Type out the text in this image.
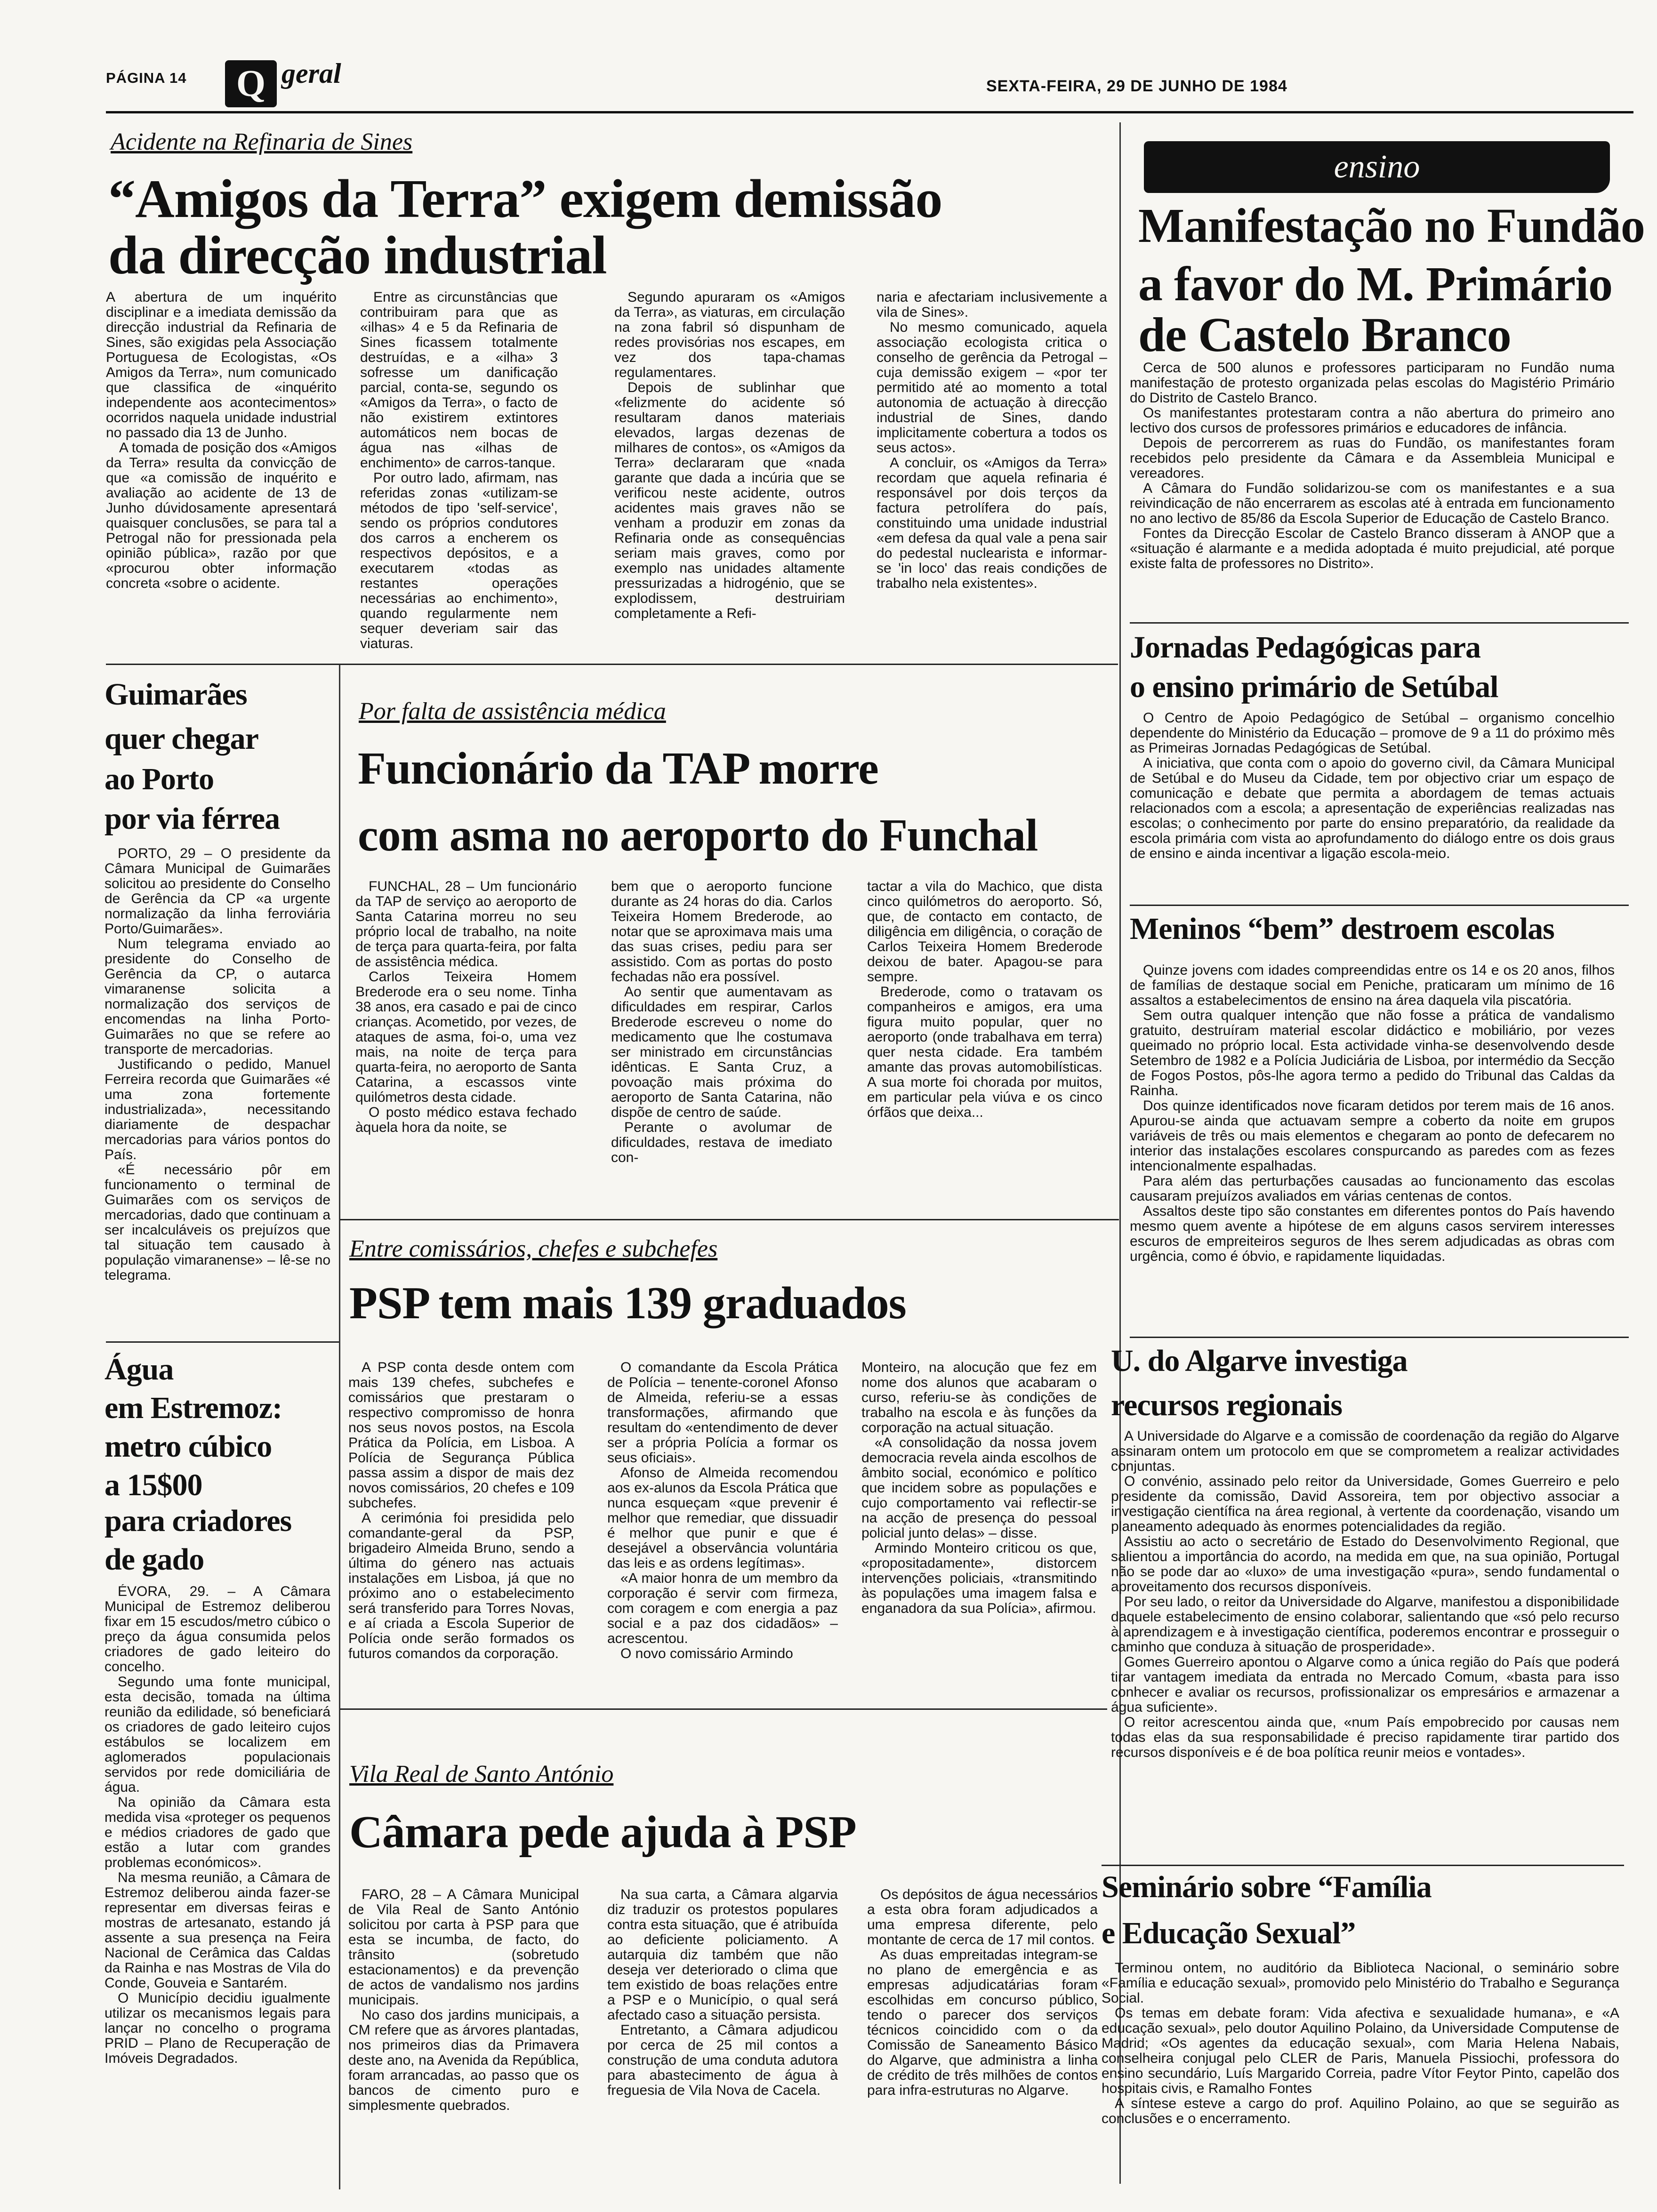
PÁGINA 14 Q geral	SEXTA-FEIRA, 29 DE JUNHO DE 1984
Acidente na Refinaria de Sines
“Amigos da Terra” exigem demissão
da direcção industrial

A abertura de um inquérito disciplinar e a imediata demissão da direcção industrial da Refinaria de Sines, são exigidas pela Associação Portuguesa de Ecologistas, «Os Amigos da Terra», num comunicado que classifica de «inquérito independente aos acontecimentos» ocorridos naquela unidade industrial no passado dia 13 de Junho.

A tomada de posição dos «Amigos da Terra» resulta da convicção de que «a comissão de inquérito e avaliação ao acidente de 13 de Junho dúvidosamente apresentará quaisquer conclusões, se para tal a Petrogal não for pressionada pela opinião pública», razão por que «procurou obter informação concreta «sobre o acidente.

Entre as circunstâncias que contribuiram para que as «ilhas» 4 e 5 da Refinaria de Sines ficassem totalmente destruídas, e a «ilha» 3 sofresse um danificação parcial, conta-se, segundo os «Amigos da Terra», o facto de não existirem extintores automáticos nem bocas de água nas «ilhas de enchimento» de carros-tanque.

Por outro lado, afirmam, nas referidas zonas «utilizam-se métodos de tipo 'self-service', sendo os próprios condutores dos carros a encherem os respectivos depósitos, e a executarem «todas as restantes operações necessárias ao enchimento», quando regularmente nem sequer deveriam sair das viaturas.

Segundo apuraram os «Amigos da Terra», as viaturas, em circulação na zona fabril só dispunham de redes provisórias nos escapes, em vez dos tapa-chamas regulamentares.

Depois de sublinhar que «felizmente do acidente só resultaram danos materiais elevados, largas dezenas de milhares de contos», os «Amigos da Terra» declararam que «nada garante que dada a incúria que se verificou neste acidente, outros acidentes mais graves não se venham a produzir em zonas da Refinaria onde as consequências seriam mais graves, como por exemplo nas unidades altamente pressurizadas a hidrogénio, que se explodissem, destruiriam completamente a Refi-

naria e afectariam inclusivemente a vila de Sines».

No mesmo comunicado, aquela associação ecologista critica o conselho de gerência da Petrogal – cuja demissão exigem – «por ter permitido até ao momento a total autonomia de actuação à direcção industrial de Sines, dando implicitamente cobertura a todos os seus actos».

A concluir, os «Amigos da Terra» recordam que aquela refinaria é responsável por dois terços da factura petrolífera do país, constituindo uma unidade industrial «em defesa da qual vale a pena sair do pedestal nuclearista e informar-se 'in loco' das reais condições de trabalho nela existentes».

ensino
Manifestação no Fundão
a favor do M. Primário
de Castelo Branco

Cerca de 500 alunos e professores participaram no Fundão numa manifestação de protesto organizada pelas escolas do Magistério Primário do Distrito de Castelo Branco.

Os manifestantes protestaram contra a não abertura do primeiro ano lectivo dos cursos de professores primários e educadores de infância.

Depois de percorrerem as ruas do Fundão, os manifestantes foram recebidos pelo presidente da Câmara e da Assembleia Municipal e vereadores.

A Câmara do Fundão solidarizou-se com os manifestantes e a sua reivindicação de não encerrarem as escolas até à entrada em funcionamento no ano lectivo de 85/86 da Escola Superior de Educação de Castelo Branco.

Fontes da Direcção Escolar de Castelo Branco disseram à ANOP que a «situação é alarmante e a medida adoptada é muito prejudicial, até porque existe falta de professores no Distrito».

Jornadas Pedagógicas para
o ensino primário de Setúbal

O Centro de Apoio Pedagógico de Setúbal – organismo concelhio dependente do Ministério da Educação – promove de 9 a 11 do próximo mês as Primeiras Jornadas Pedagógicas de Setúbal.

A iniciativa, que conta com o apoio do governo civil, da Câmara Municipal de Setúbal e do Museu da Cidade, tem por objectivo criar um espaço de comunicação e debate que permita a abordagem de temas actuais relacionados com a escola; a apresentação de experiências realizadas nas escolas; o conhecimento por parte do ensino preparatório, da realidade da escola primária com vista ao aprofundamento do diálogo entre os dois graus de ensino e ainda incentivar a ligação escola-meio.

Meninos “bem” destroem escolas

Quinze jovens com idades compreendidas entre os 14 e os 20 anos, filhos de famílias de destaque social em Peniche, praticaram um mínimo de 16 assaltos a estabelecimentos de ensino na área daquela vila piscatória.

Sem outra qualquer intenção que não fosse a prática de vandalismo gratuito, destruíram material escolar didáctico e mobiliário, por vezes queimado no próprio local. Esta actividade vinha-se desenvolvendo desde Setembro de 1982 e a Polícia Judiciária de Lisboa, por intermédio da Secção de Fogos Postos, pôs-lhe agora termo a pedido do Tribunal das Caldas da Rainha.

Dos quinze identificados nove ficaram detidos por terem mais de 16 anos. Apurou-se ainda que actuavam sempre a coberto da noite em grupos variáveis de três ou mais elementos e chegaram ao ponto de defecarem no interior das instalações escolares conspurcando as paredes com as fezes intencionalmente espalhadas.

Para além das perturbações causadas ao funcionamento das escolas causaram prejuízos avaliados em várias centenas de contos.

Assaltos deste tipo são constantes em diferentes pontos do País havendo mesmo quem avente a hipótese de em alguns casos servirem interesses escuros de empreiteiros seguros de lhes serem adjudicadas as obras com urgência, como é óbvio, e rapidamente liquidadas.

U. do Algarve investiga
recursos regionais

A Universidade do Algarve e a comissão de coordenação da região do Algarve assinaram ontem um protocolo em que se comprometem a realizar actividades conjuntas.

O convénio, assinado pelo reitor da Universidade, Gomes Guerreiro e pelo presidente da comissão, David Assoreira, tem por objectivo associar a investigação científica na área regional, à vertente da coordenação, visando um planeamento adequado às enormes potencialidades da região.

Assistiu ao acto o secretário de Estado do Desenvolvimento Regional, que salientou a importância do acordo, na medida em que, na sua opinião, Portugal não se pode dar ao «luxo» de uma investigação «pura», sendo fundamental o aproveitamento dos recursos disponíveis.

Por seu lado, o reitor da Universidade do Algarve, manifestou a disponibilidade daquele estabelecimento de ensino colaborar, salientando que «só pelo recurso à aprendizagem e à investigação científica, poderemos encontrar e prosseguir o caminho que conduza à situação de prosperidade».

Gomes Guerreiro apontou o Algarve como a única região do País que poderá tirar vantagem imediata da entrada no Mercado Comum, «basta para isso conhecer e avaliar os recursos, profissionalizar os empresários e armazenar a água suficiente».

O reitor acrescentou ainda que, «num País empobrecido por causas nem todas elas da sua responsabilidade é preciso rapidamente tirar partido dos recursos disponíveis e é de boa política reunir meios e vontades».

Seminário sobre “Família
e Educação Sexual”

Terminou ontem, no auditório da Biblioteca Nacional, o seminário sobre «Família e educação sexual», promovido pelo Ministério do Trabalho e Segurança Social.

Os temas em debate foram: Vida afectiva e sexualidade humana», e «A educação sexual», pelo doutor Aquilino Polaino, da Universidade Computense de Madrid; «Os agentes da educação sexual», com Maria Helena Nabais, conselheira conjugal pelo CLER de Paris, Manuela Pissiochi, professora do ensino secundário, Luís Margarido Correia, padre Vítor Feytor Pinto, capelão dos hospitais civis, e Ramalho Fontes

A síntese esteve a cargo do prof. Aquilino Polaino, ao que se seguirão as conclusões e o encerramento.

Guimarães
quer chegar
ao Porto
por via férrea

PORTO, 29 – O presidente da Câmara Municipal de Guimarães solicitou ao presidente do Conselho de Gerência da CP «a urgente normalização da linha ferroviária Porto/Guimarães».

Num telegrama enviado ao presidente do Conselho de Gerência da CP, o autarca vimaranense solicita a normalização dos serviços de encomendas na linha Porto-Guimarães no que se refere ao transporte de mercadorias.

Justificando o pedido, Manuel Ferreira recorda que Guimarães «é uma zona fortemente industrializada», necessitando diariamente de despachar mercadorias para vários pontos do País.

«É necessário pôr em funcionamento o terminal de Guimarães com os serviços de mercadorias, dado que continuam a ser incalculáveis os prejuízos que tal situação tem causado à população vimaranense» – lê-se no telegrama.

Água
em Estremoz:
metro cúbico
a 15$00
para criadores
de gado

ÉVORA, 29. – A Câmara Municipal de Estremoz deliberou fixar em 15 escudos/metro cúbico o preço da água consumida pelos criadores de gado leiteiro do concelho.

Segundo uma fonte municipal, esta decisão, tomada na última reunião da edilidade, só beneficiará os criadores de gado leiteiro cujos estábulos se localizem em aglomerados populacionais servidos por rede domiciliária de água.

Na opinião da Câmara esta medida visa «proteger os pequenos e médios criadores de gado que estão a lutar com grandes problemas económicos».

Na mesma reunião, a Câmara de Estremoz deliberou ainda fazer-se representar em diversas feiras e mostras de artesanato, estando já assente a sua presença na Feira Nacional de Cerâmica das Caldas da Rainha e nas Mostras de Vila do Conde, Gouveia e Santarém.

O Município decidiu igualmente utilizar os mecanismos legais para lançar no concelho o programa PRID – Plano de Recuperação de Imóveis Degradados.

Por falta de assistência médica
Funcionário da TAP morre
com asma no aeroporto do Funchal

FUNCHAL, 28 – Um funcionário da TAP de serviço ao aeroporto de Santa Catarina morreu no seu próprio local de trabalho, na noite de terça para quarta-feira, por falta de assistência médica.

Carlos Teixeira Homem Brederode era o seu nome. Tinha 38 anos, era casado e pai de cinco crianças. Acometido, por vezes, de ataques de asma, foi-o, uma vez mais, na noite de terça para quarta-feira, no aeroporto de Santa Catarina, a escassos vinte quilómetros desta cidade.

O posto médico estava fechado àquela hora da noite, se

bem que o aeroporto funcione durante as 24 horas do dia. Carlos Teixeira Homem Brederode, ao notar que se aproximava mais uma das suas crises, pediu para ser assistido. Com as portas do posto fechadas não era possível.

Ao sentir que aumentavam as dificuldades em respirar, Carlos Brederode escreveu o nome do medicamento que lhe costumava ser ministrado em circunstâncias idênticas. E Santa Cruz, a povoação mais próxima do aeroporto de Santa Catarina, não dispõe de centro de saúde.

Perante o avolumar de dificuldades, restava de imediato con-

tactar a vila do Machico, que dista cinco quilómetros do aeroporto. Só, que, de contacto em contacto, de diligência em diligência, o coração de Carlos Teixeira Homem Brederode deixou de bater. Apagou-se para sempre.

Brederode, como o tratavam os companheiros e amigos, era uma figura muito popular, quer no aeroporto (onde trabalhava em terra) quer nesta cidade. Era também amante das provas automobilísticas. A sua morte foi chorada por muitos, em particular pela viúva e os cinco órfãos que deixa...

Entre comissários, chefes e subchefes
PSP tem mais 139 graduados

A PSP conta desde ontem com mais 139 chefes, subchefes e comissários que prestaram o respectivo compromisso de honra nos seus novos postos, na Escola Prática da Polícia, em Lisboa. A Polícia de Segurança Pública passa assim a dispor de mais dez novos comissários, 20 chefes e 109 subchefes.

A cerimónia foi presidida pelo comandante-geral da PSP, brigadeiro Almeida Bruno, sendo a última do género nas actuais instalações em Lisboa, já que no próximo ano o estabelecimento será transferido para Torres Novas, e aí criada a Escola Superior de Polícia onde serão formados os futuros comandos da corporação.

O comandante da Escola Prática de Polícia – tenente-coronel Afonso de Almeida, referiu-se a essas transformações, afirmando que resultam do «entendimento de dever ser a própria Polícia a formar os seus oficiais».

Afonso de Almeida recomendou aos ex-alunos da Escola Prática que nunca esqueçam «que prevenir é melhor que remediar, que dissuadir é melhor que punir e que é desejável a observância voluntária das leis e as ordens legítimas».

«A maior honra de um membro da corporação é servir com firmeza, com coragem e com energia a paz social e a paz dos cidadãos» – acrescentou.

O novo comissário Armindo

Monteiro, na alocução que fez em nome dos alunos que acabaram o curso, referiu-se às condições de trabalho na escola e às funções da corporação na actual situação.

«A consolidação da nossa jovem democracia revela ainda escolhos de âmbito social, económico e político que incidem sobre as populações e cujo comportamento vai reflectir-se na acção de presença do pessoal policial junto delas» – disse.

Armindo Monteiro criticou os que, «propositadamente», distorcem intervenções policiais, «transmitindo às populações uma imagem falsa e enganadora da sua Polícia», afirmou.

Vila Real de Santo António
Câmara pede ajuda à PSP

FARO, 28 – A Câmara Municipal de Vila Real de Santo António solicitou por carta à PSP para que esta se incumba, de facto, do trânsito (sobretudo estacionamentos) e da prevenção de actos de vandalismo nos jardins municipais.

No caso dos jardins municipais, a CM refere que as árvores plantadas, nos primeiros dias da Primavera deste ano, na Avenida da República, foram arrancadas, ao passo que os bancos de cimento puro e simplesmente quebrados.

Na sua carta, a Câmara algarvia diz traduzir os protestos populares contra esta situação, que é atribuída ao deficiente policiamento. A autarquia diz também que não deseja ver deteriorado o clima que tem existido de boas relações entre a PSP e o Município, o qual será afectado caso a situação persista.

Entretanto, a Câmara adjudicou por cerca de 25 mil contos a construção de uma conduta adutora para abastecimento de água à freguesia de Vila Nova de Cacela.

Os depósitos de água necessários a esta obra foram adjudicados a uma empresa diferente, pelo montante de cerca de 17 mil contos.

As duas empreitadas integram-se no plano de emergência e as empresas adjudicatárias foram escolhidas em concurso público, tendo o parecer dos serviços técnicos coincidido com o da Comissão de Saneamento Básico do Algarve, que administra a linha de crédito de três milhões de contos para infra-estruturas no Algarve.
